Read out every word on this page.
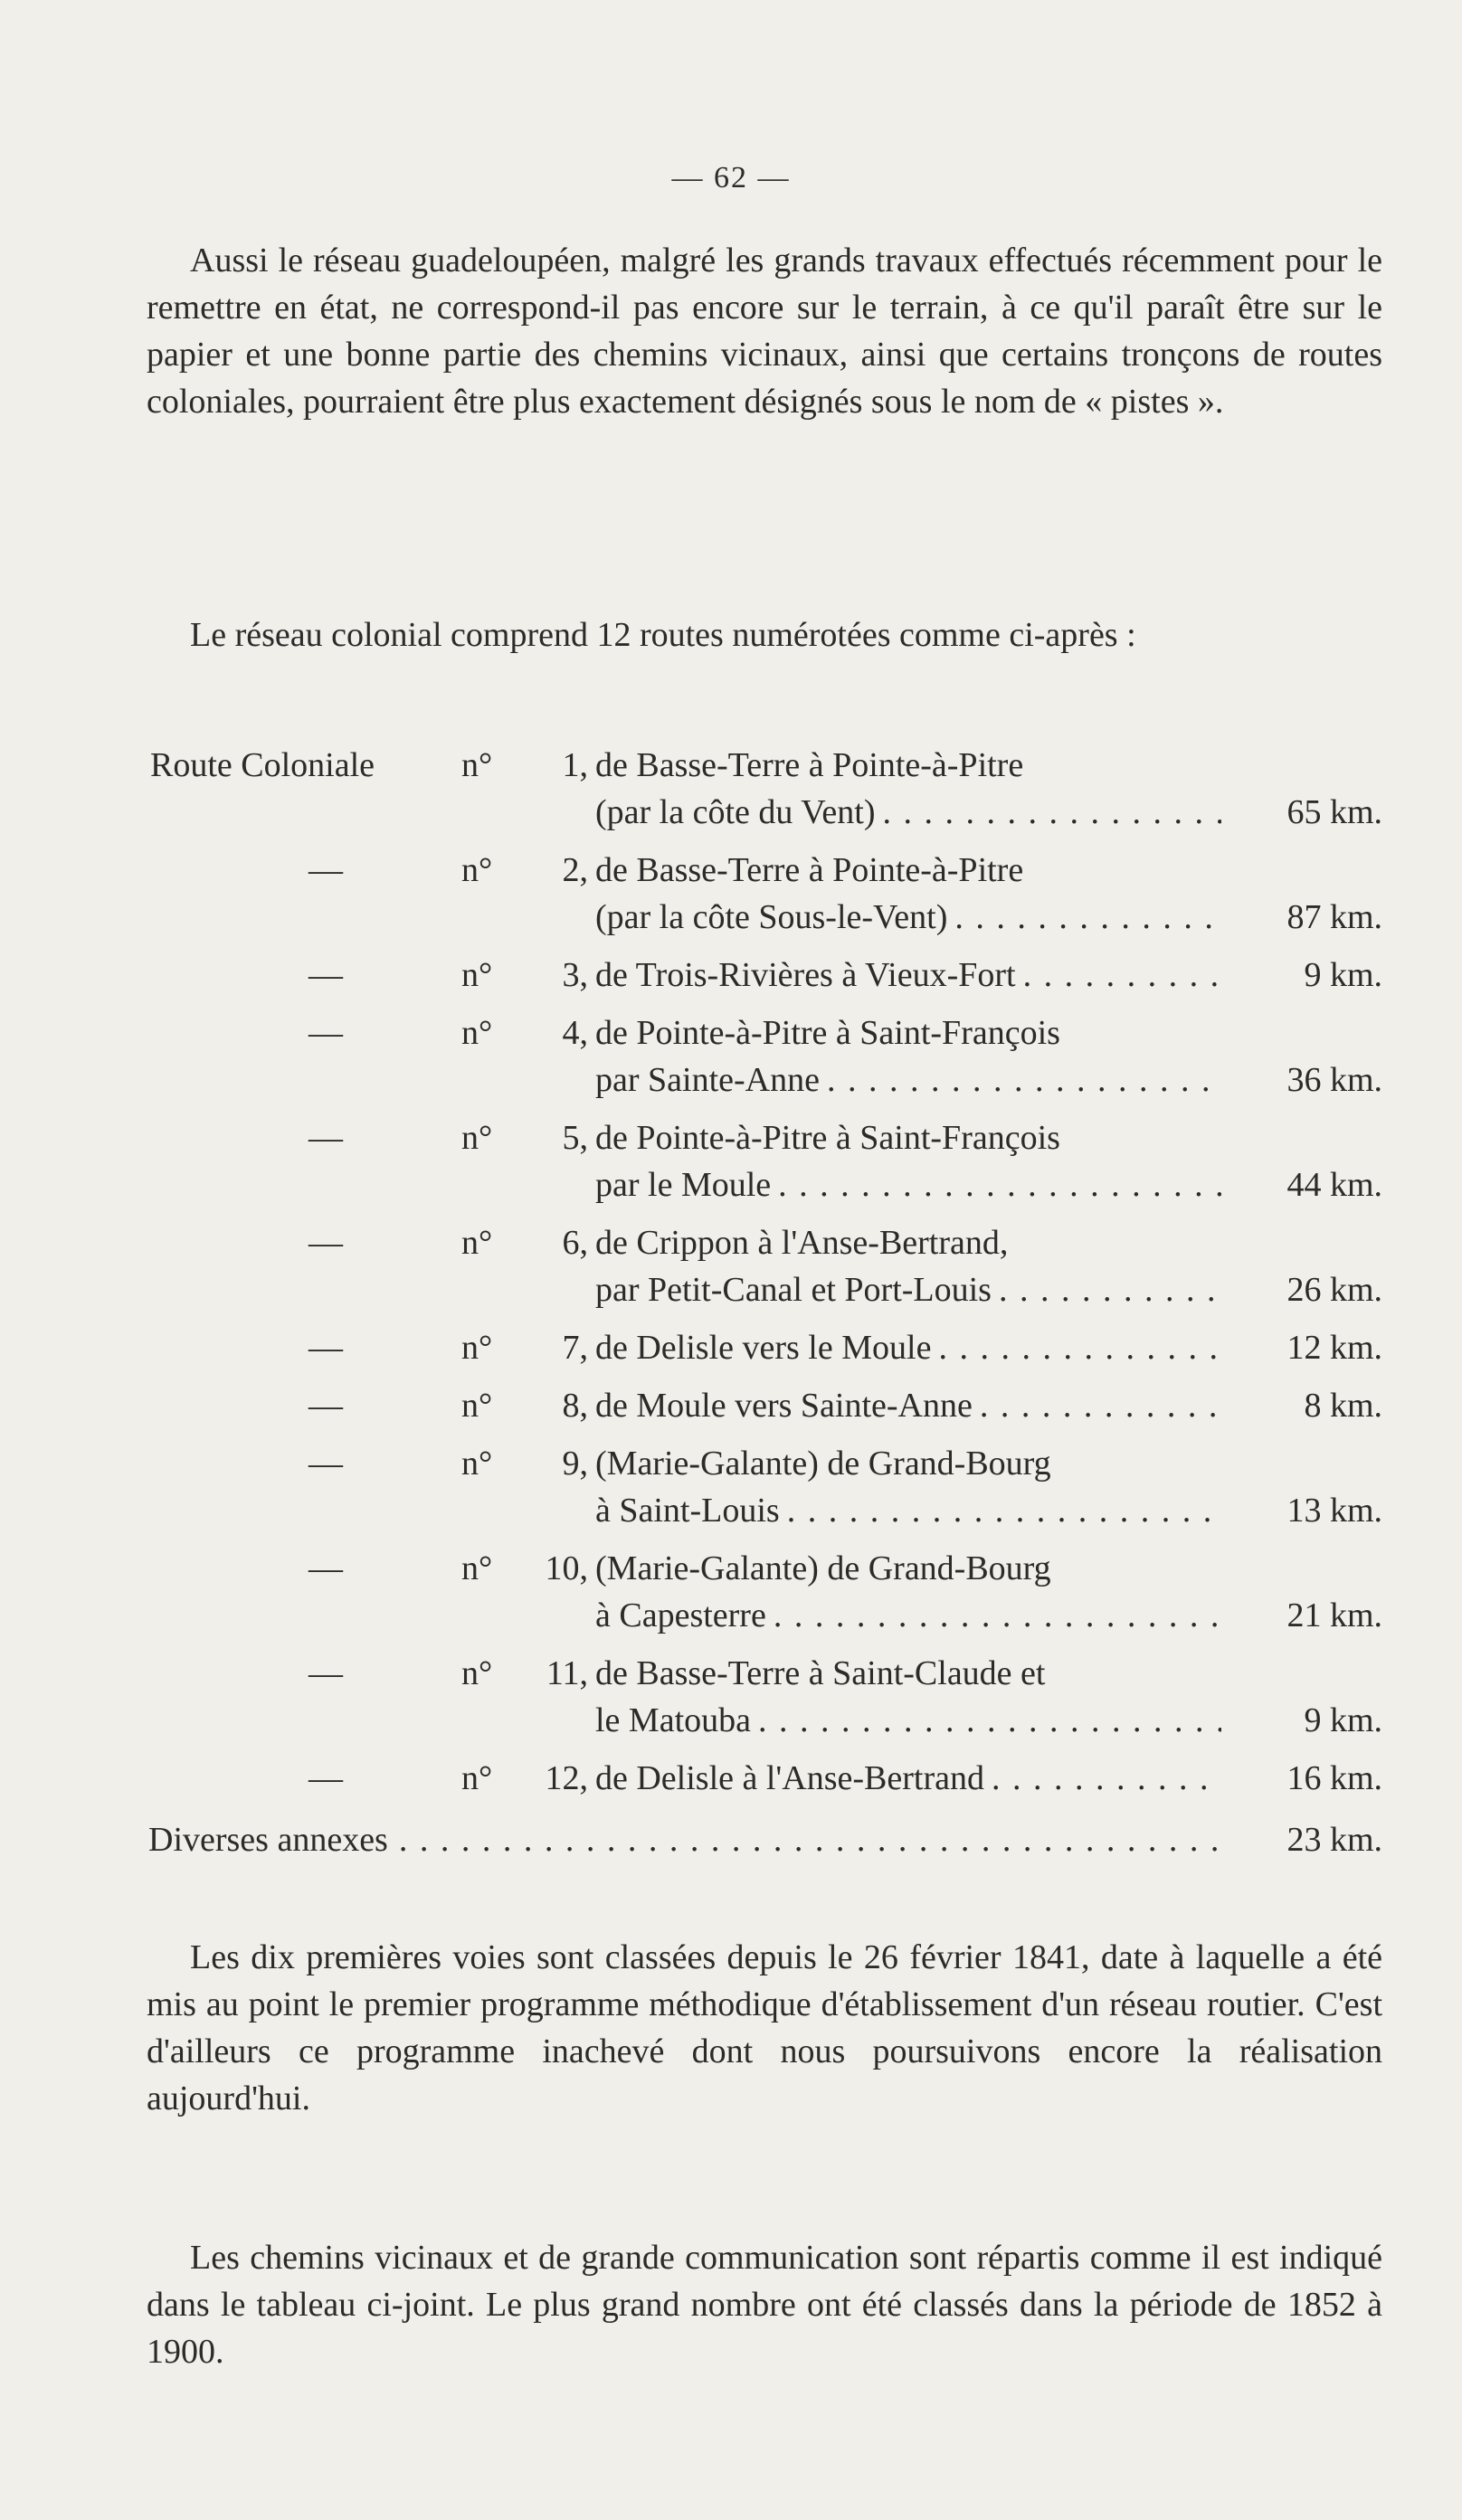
— 62 —

Aussi le réseau guadeloupéen, malgré les grands travaux effectués récemment pour le remettre en état, ne correspond-il pas encore sur le terrain, à ce qu'il paraît être sur le papier et une bonne partie des chemins vicinaux, ainsi que certains tronçons de routes coloniales, pourraient être plus exactement désignés sous le nom de « pistes ».

Le réseau colonial comprend 12 routes numérotées comme ci-après :

Route Coloniale	n°	1, de Basse-Terre à Pointe-à-Pitre
(par la côte du Vent) . . .	65 km.
—	n°	2, de Basse-Terre à Pointe-à-Pitre
(par la côte Sous-le-Vent) . . .	87 km.
—	n°	3, de Trois-Rivières à Vieux-Fort . . .	9 km.
—	n°	4, de Pointe-à-Pitre à Saint-François
par Sainte-Anne . . .	36 km.
—	n°	5, de Pointe-à-Pitre à Saint-François
par le Moule . . .	44 km.
—	n°	6, de Crippon à l'Anse-Bertrand,
par Petit-Canal et Port-Louis . . .	26 km.
—	n°	7, de Delisle vers le Moule . . .	12 km.
—	n°	8, de Moule vers Sainte-Anne . . .	8 km.
—	n°	9, (Marie-Galante) de Grand-Bourg
à Saint-Louis . . .	13 km.
—	n°	10, (Marie-Galante) de Grand-Bourg
à Capesterre . . .	21 km.
—	n°	11, de Basse-Terre à Saint-Claude et
le Matouba . . .	9 km.
—	n°	12, de Delisle à l'Anse-Bertrand . . .	16 km.
Diverses annexes . . .	23 km.

Les dix premières voies sont classées depuis le 26 février 1841, date à laquelle a été mis au point le premier programme méthodique d'établissement d'un réseau routier. C'est d'ailleurs ce programme inachevé dont nous poursuivons encore la réalisation aujourd'hui.

Les chemins vicinaux et de grande communication sont répartis comme il est indiqué dans le tableau ci-joint. Le plus grand nombre ont été classés dans la période de 1852 à 1900.
